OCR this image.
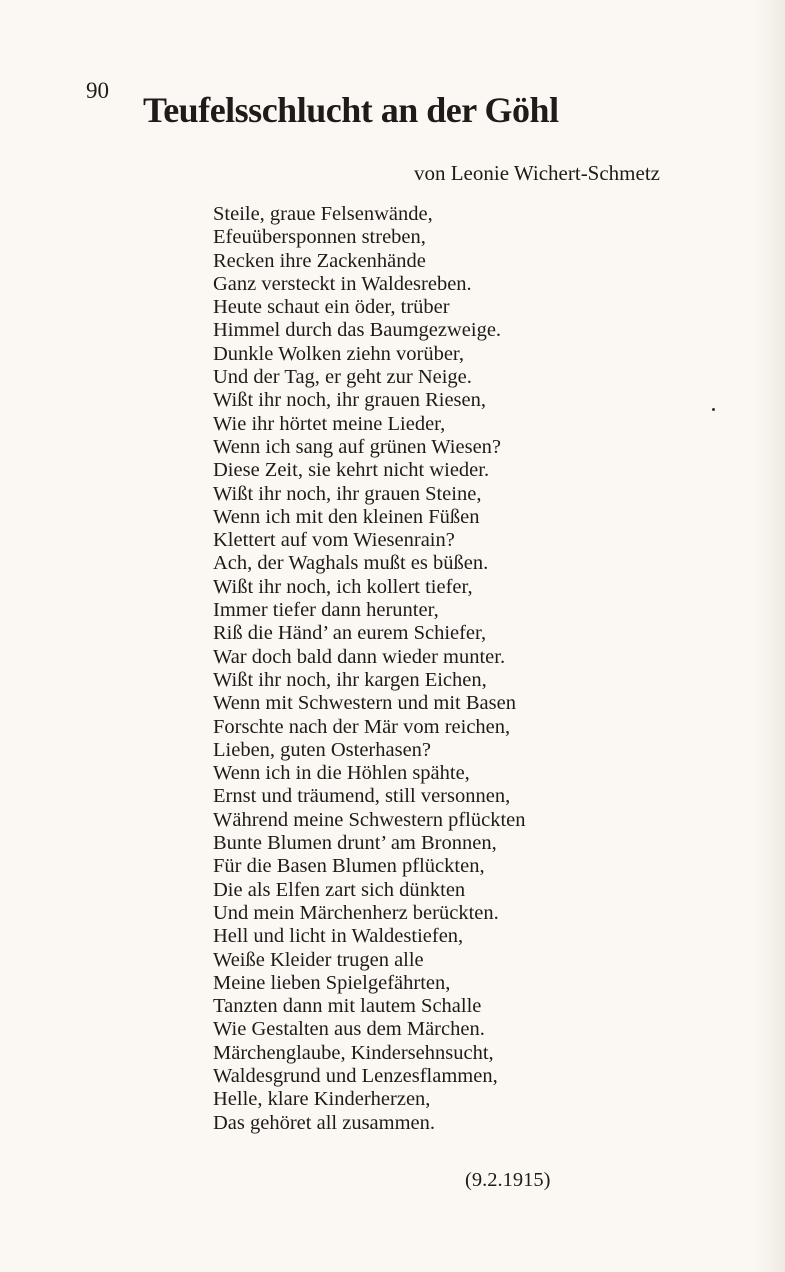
90 Teufelsschlucht an der Göhl
von Leonie Wichert-Schmetz
Steile, graue Felsenwände,
Efeuübersponnen streben,
Recken ihre Zackenhände
Ganz versteckt in Waldesreben.
Heute schaut ein öder, trüber
Himmel durch das Baumgezweige.
Dunkle Wolken ziehn vorüber,
Und der Tag, er geht zur Neige.
Wißt ihr noch, ihr grauen Riesen,
Wie ihr hörtet meine Lieder,
Wenn ich sang auf grünen Wiesen?
Diese Zeit, sie kehrt nicht wieder.
Wißt ihr noch, ihr grauen Steine,
Wenn ich mit den kleinen Füßen
Klettert auf vom Wiesenrain?
Ach, der Waghals mußt es büßen.
Wißt ihr noch, ich kollert tiefer,
Immer tiefer dann herunter,
Riß die Händ’ an eurem Schiefer,
War doch bald dann wieder munter.
Wißt ihr noch, ihr kargen Eichen,
Wenn mit Schwestern und mit Basen
Forschte nach der Mär vom reichen,
Lieben, guten Osterhasen?
Wenn ich in die Höhlen spähte,
Ernst und träumend, still versonnen,
Während meine Schwestern pflückten
Bunte Blumen drunt’ am Bronnen,
Für die Basen Blumen pflückten,
Die als Elfen zart sich dünkten
Und mein Märchenherz berückten.
Hell und licht in Waldestiefen,
Weiße Kleider trugen alle
Meine lieben Spielgefährten,
Tanzten dann mit lautem Schalle
Wie Gestalten aus dem Märchen.
Märchenglaube, Kindersehnsucht,
Waldesgrund und Lenzesflammen,
Helle, klare Kinderherzen,
Das gehöret all zusammen.
(9.2.1915)
